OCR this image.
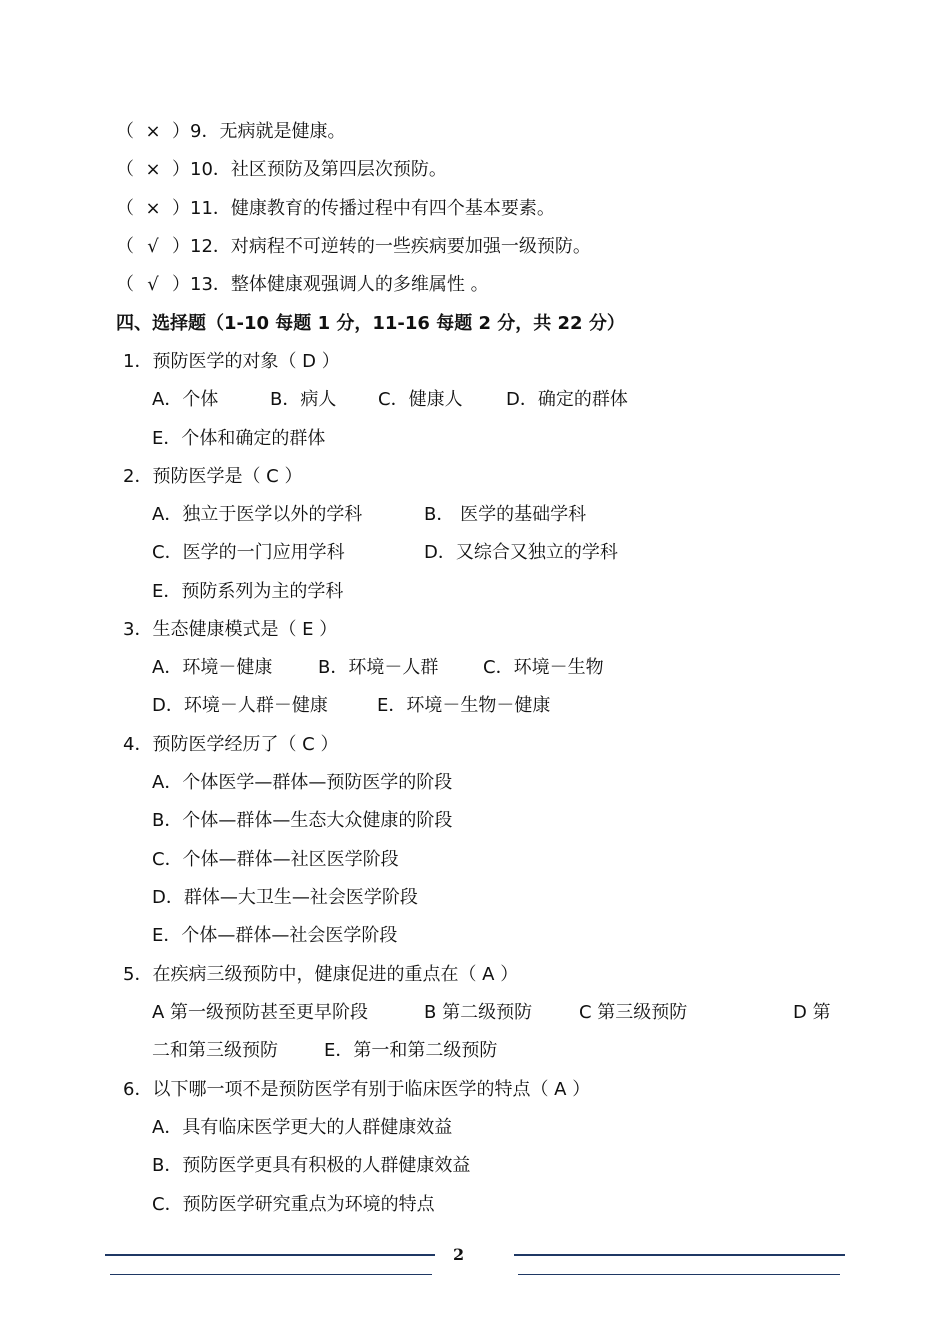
（ × ）9．无病就是健康。
（ × ）10．社区预防及第四层次预防。
（ × ）11．健康教育的传播过程中有四个基本要素。
（ √ ）12．对病程不可逆转的一些疾病要加强一级预防。
（ √ ）13．整体健康观强调人的多维属性 。
四、选择题（1-10 每题 1 分，11-16 每题 2 分，共 22 分）
1．预防医学的对象（ D ）
A．个体	B．病人 C．健康人 D．确定的群体
E．个体和确定的群体
2．预防医学是（ C ）
A．独立于医学以外的学科	B． 医学的基础学科
C．医学的一门应用学科	D．又综合又独立的学科
E．预防系列为主的学科
3．生态健康模式是（ E ）
A．环境－健康	B．环境－人群 C．环境－生物
D．环境－人群－健康	E．环境－生物－健康
4．预防医学经历了（ C ）
A．个体医学—群体—预防医学的阶段
B．个体—群体—生态大众健康的阶段
C．个体—群体—社区医学阶段
D．群体—大卫生—社会医学阶段
E．个体—群体—社会医学阶段
5．在疾病三级预防中，健康促进的重点在（ A ）
A 第一级预防甚至更早阶段	B 第二级预防	C 第三级预防	D 第
二和第三级预防	E．第一和第二级预防
6．以下哪一项不是预防医学有别于临床医学的特点（ A ）
A．具有临床医学更大的人群健康效益
B．预防医学更具有积极的人群健康效益
C．预防医学研究重点为环境的特点
2
